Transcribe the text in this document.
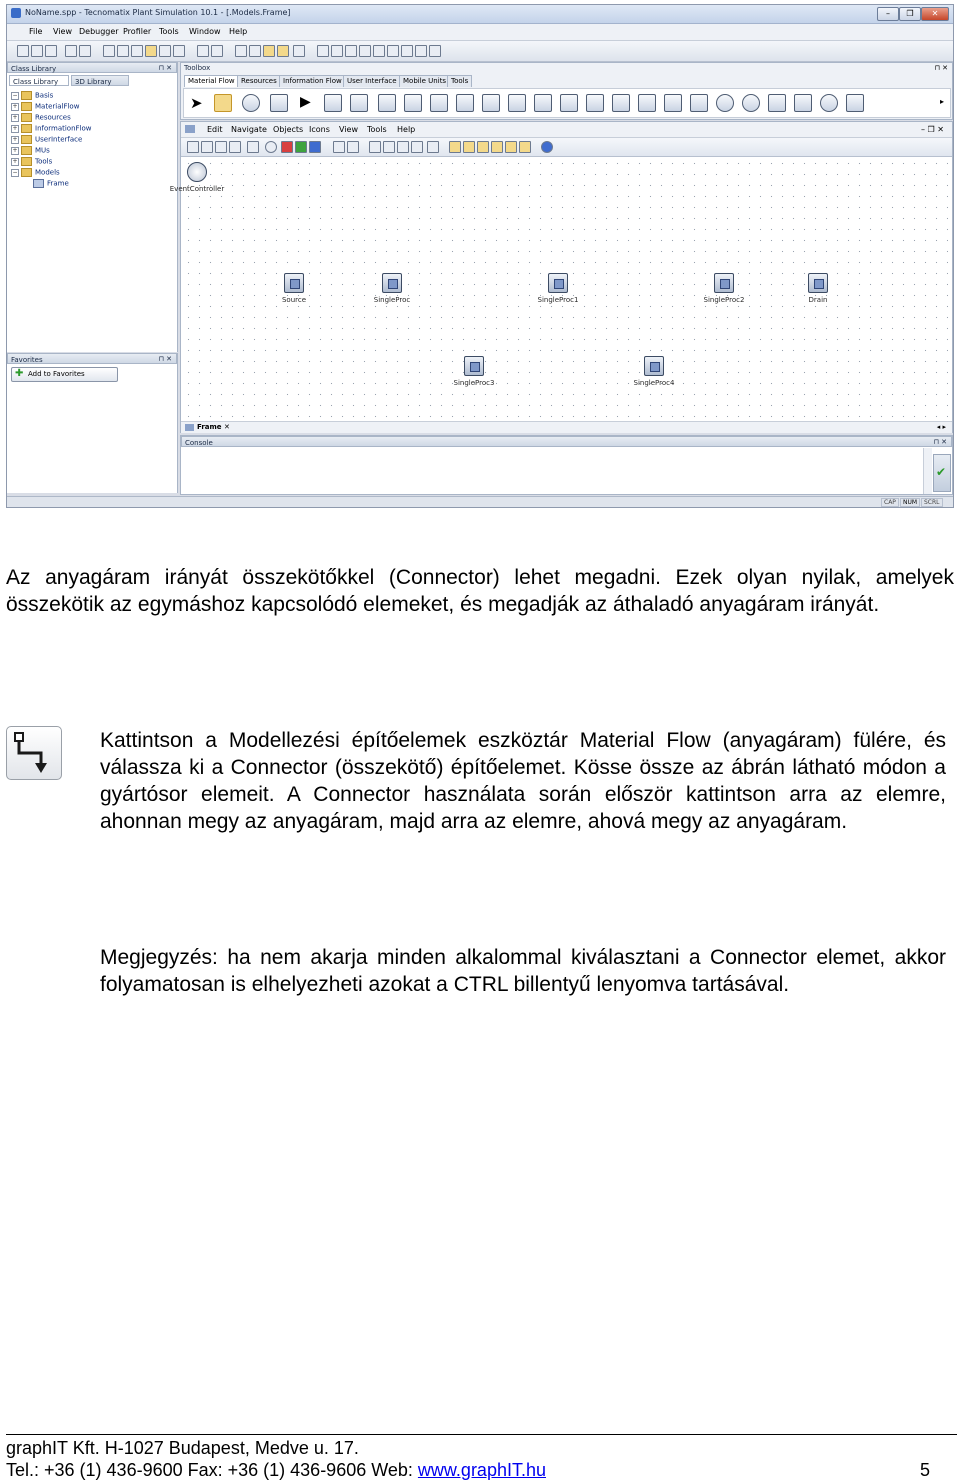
NoName.spp - Tecnomatix Plant Simulation 10.1 - [.Models.Frame]	–	❐	✕
File View Debugger Profiler Tools Window Help
Class Library	⊓ ✕
Class Library	3D Library
− Basis
+ MaterialFlow
+ Resources
+ InformationFlow
+ UserInterface
+ MUs
+ Tools
− Models
Frame
Favorites	⊓ ✕
✚ Add to Favorites
Toolbox	⊓ ✕
Material Flow Resources Information Flow User Interface Mobile Units Tools
➤	▶	▸
Edit Navigate Objects Icons View Tools Help	– ❐ ✕
EventController
Source	SingleProc	SingleProc1	SingleProc2	Drain
SingleProc3	SingleProc4
Frame ✕	◂ ▸
Console	⊓ ✕
✔
CAP	NUM	SCRL
Az anyagáram irányát összekötőkkel (Connector) lehet megadni. Ezek olyan nyilak, amelyek összekötik az egymáshoz kapcsolódó elemeket, és megadják az áthaladó anyagáram irányát.
Kattintson a Modellezési építőelemek eszköztár Material Flow (anyagáram) fülére, és válassza ki a Connector (összekötő) építőelemet. Kösse össze az ábrán látható módon a gyártósor elemeit. A Connector használata során először kattintson arra az elemre, ahonnan megy az anyagáram, majd arra az elemre, ahová megy az anyagáram.
Megjegyzés: ha nem akarja minden alkalommal kiválasztani a Connector elemet, akkor folyamatosan is elhelyezheti azokat a CTRL billentyű lenyomva tartásával.
graphIT Kft. H-1027 Budapest, Medve u. 17.
Tel.: +36 (1) 436-9600 Fax: +36 (1) 436-9606 Web: www.graphIT.hu	5
